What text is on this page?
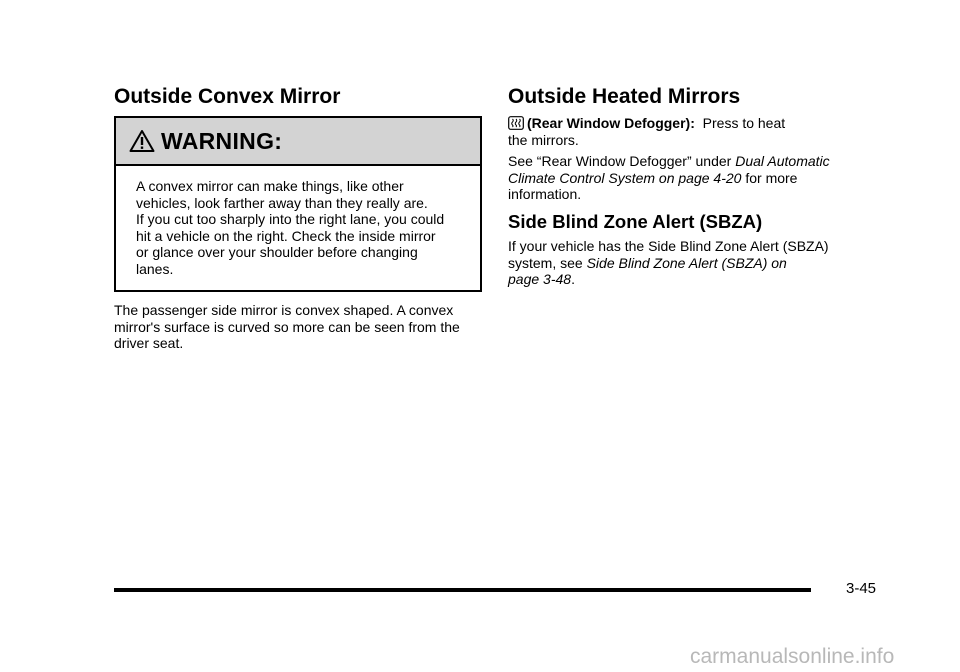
Outside Convex Mirror
WARNING:

A convex mirror can make things, like other

vehicles, look farther away than they really are.

If you cut too sharply into the right lane, you could

hit a vehicle on the right. Check the inside mirror

or glance over your shoulder before changing

lanes.

The passenger side mirror is convex shaped. A convex

mirror's surface is curved so more can be seen from the

driver seat.

Outside Heated Mirrors

(Rear Window Defogger): Press to heat

the mirrors.

See “Rear Window Defogger” under Dual Automatic

Climate Control System on page 4‑20 for more

information.

Side Blind Zone Alert (SBZA)

If your vehicle has the Side Blind Zone Alert (SBZA)

system, see Side Blind Zone Alert (SBZA) on

page 3‑48.

3-45
carmanualsonline.info
